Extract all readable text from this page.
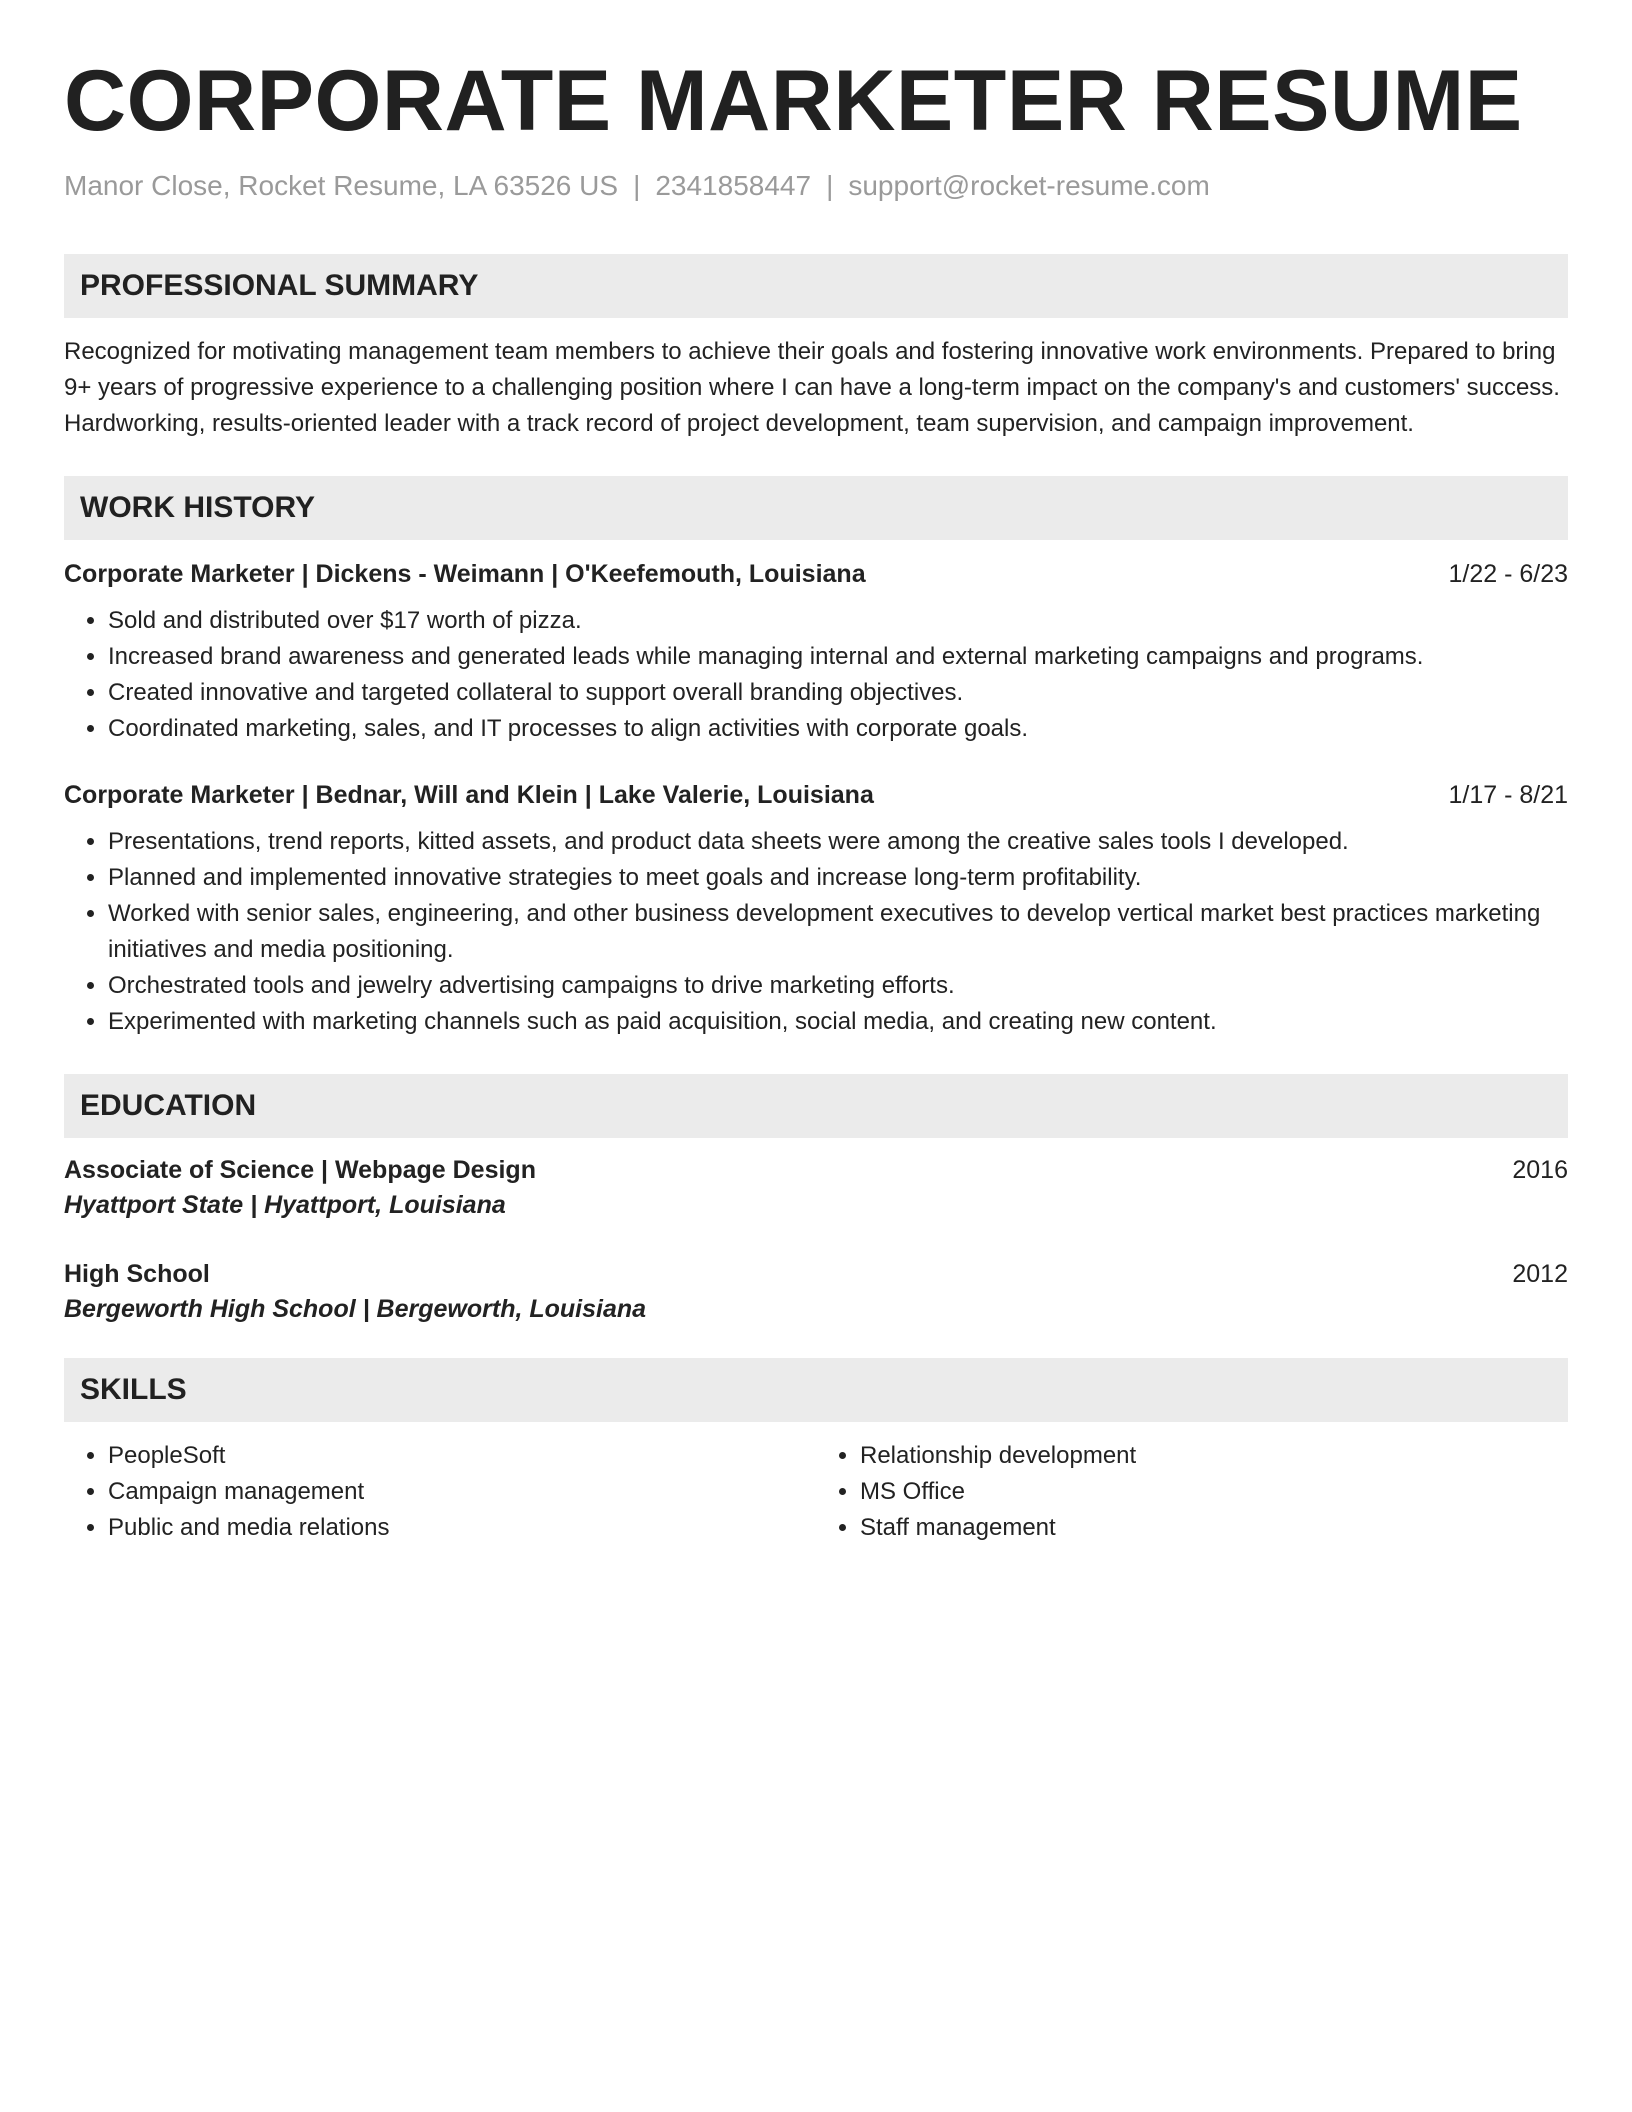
CORPORATE MARKETER RESUME
Manor Close, Rocket Resume, LA 63526 US | 2341858447 | support@rocket-resume.com
PROFESSIONAL SUMMARY
Recognized for motivating management team members to achieve their goals and fostering innovative work environments. Prepared to bring 9+ years of progressive experience to a challenging position where I can have a long-term impact on the company's and customers' success. Hardworking, results-oriented leader with a track record of project development, team supervision, and campaign improvement.
WORK HISTORY
Corporate Marketer | Dickens - Weimann | O'Keefemouth, Louisiana	1/22 - 6/23
• Sold and distributed over $17 worth of pizza.
• Increased brand awareness and generated leads while managing internal and external marketing campaigns and programs.
• Created innovative and targeted collateral to support overall branding objectives.
• Coordinated marketing, sales, and IT processes to align activities with corporate goals.
Corporate Marketer | Bednar, Will and Klein | Lake Valerie, Louisiana	1/17 - 8/21
• Presentations, trend reports, kitted assets, and product data sheets were among the creative sales tools I developed.
• Planned and implemented innovative strategies to meet goals and increase long-term profitability.
• Worked with senior sales, engineering, and other business development executives to develop vertical market best practices marketing initiatives and media positioning.
• Orchestrated tools and jewelry advertising campaigns to drive marketing efforts.
• Experimented with marketing channels such as paid acquisition, social media, and creating new content.
EDUCATION
Associate of Science | Webpage Design	2016
Hyattport State | Hyattport, Louisiana
High School	2012
Bergeworth High School | Bergeworth, Louisiana
SKILLS
• PeopleSoft
• Campaign management
• Public and media relations
• Relationship development
• MS Office
• Staff management
